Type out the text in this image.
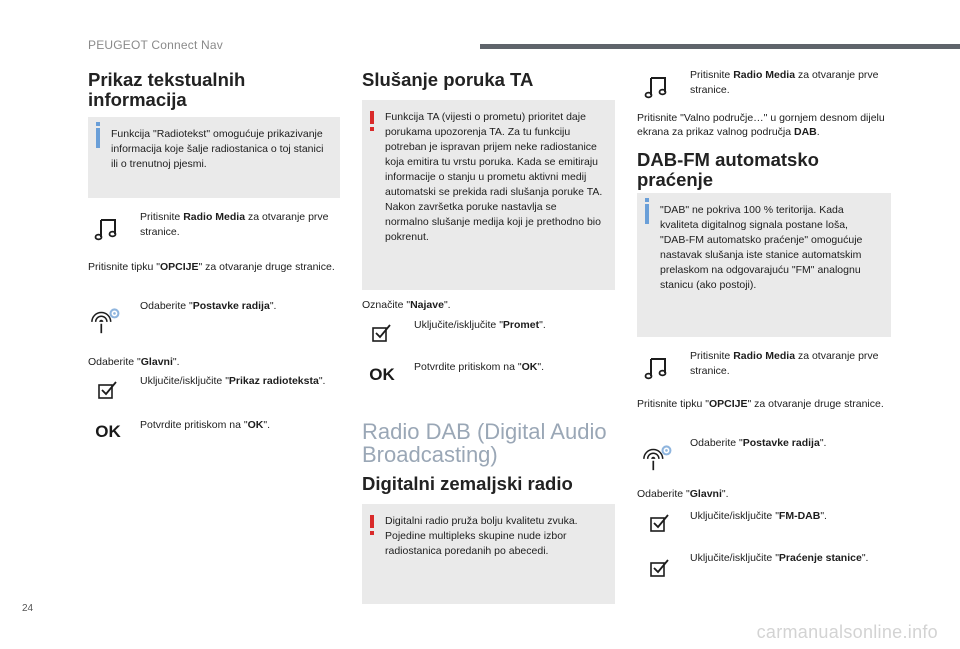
PEUGEOT Connect Nav
Prikaz tekstualnih informacija
Funkcija "Radiotekst" omogućuje prikazivanje informacija koje šalje radiostanica o toj stanici ili o trenutnoj pjesmi.
Pritisnite Radio Media za otvaranje prve stranice.
Pritisnite tipku "OPCIJE" za otvaranje druge stranice.
Odaberite "Postavke radija".
Odaberite "Glavni".
Uključite/isključite "Prikaz radioteksta".
OK	Potvrdite pritiskom na "OK".
Slušanje poruka TA
Funkcija TA (vijesti o prometu) prioritet daje porukama upozorenja TA. Za tu funkciju potreban je ispravan prijem neke radiostanice koja emitira tu vrstu poruka. Kada se emitiraju informacije o stanju u prometu aktivni medij automatski se prekida radi slušanja poruke TA. Nakon završetka poruke nastavlja se normalno slušanje medija koji je prethodno bio pokrenut.
Označite "Najave".
Uključite/isključite "Promet".
OK	Potvrdite pritiskom na "OK".
Radio DAB (Digital Audio Broadcasting)
Digitalni zemaljski radio
Digitalni radio pruža bolju kvalitetu zvuka. Pojedine multipleks skupine nude izbor radiostanica poredanih po abecedi.
Pritisnite Radio Media za otvaranje prve stranice.
Pritisnite "Valno područje…" u gornjem desnom dijelu ekrana za prikaz valnog područja DAB.
DAB-FM automatsko praćenje
"DAB" ne pokriva 100 % teritorija. Kada kvaliteta digitalnog signala postane loša, "DAB-FM automatsko praćenje" omogućuje nastavak slušanja iste stanice automatskim prelaskom na odgovarajuću "FM" analognu stanicu (ako postoji).
Pritisnite Radio Media za otvaranje prve stranice.
Pritisnite tipku "OPCIJE" za otvaranje druge stranice.
Odaberite "Postavke radija".
Odaberite "Glavni".
Uključite/isključite "FM-DAB".
Uključite/isključite "Praćenje stanice".
24
carmanualsonline.info
